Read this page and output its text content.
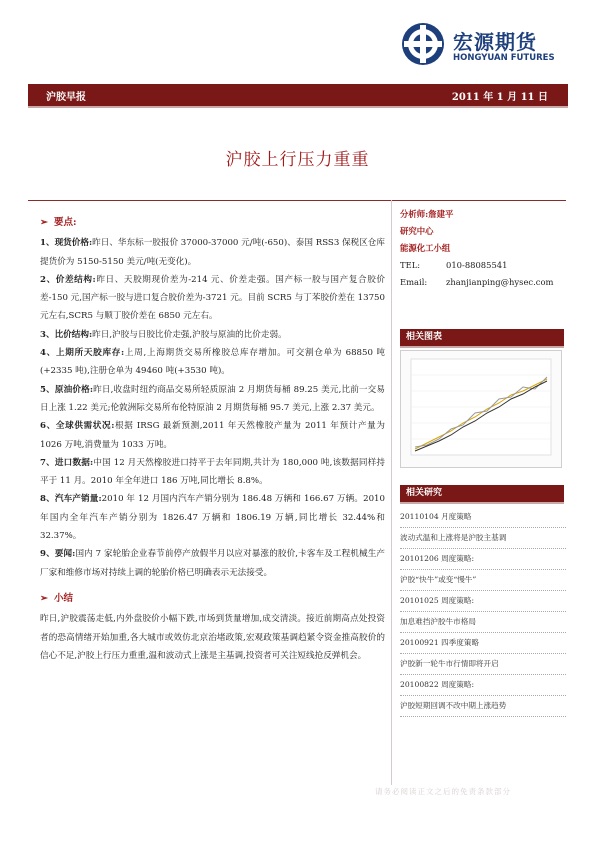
宏源期货
HONGYUAN FUTURES
沪胶早报	2011 年 1 月 11 日
沪胶上行压力重重
➢ 要点:

1、现货价格:昨日、华东标一胶报价 37000-37000 元/吨(-650)、泰国 RSS3 保税区仓库提货价为 5150-5150 美元/吨(无变化)。

2、价差结构:昨日、天胶期现价差为-214 元、价差走强。国产标一胶与国产复合胶价差-150 元,国产标一胶与进口复合胶价差为-3721 元。目前 SCR5 与丁苯胶价差在 13750 元左右,SCR5 与顺丁胶价差在 6850 元左右。

3、比价结构:昨日,沪胶与日胶比价走强,沪胶与原油的比价走弱。

4、上期所天胶库存:上周,上海期货交易所橡胶总库存增加。可交割仓单为 68850 吨(+2335 吨),注册仓单为 49460 吨(+3530 吨)。

5、原油价格:昨日,收盘时纽约商品交易所轻质原油 2 月期货每桶 89.25 美元,比前一交易日上涨 1.22 美元;伦敦洲际交易所布伦特原油 2 月期货每桶 95.7 美元,上涨 2.37 美元。

6、全球供需状况:根据 IRSG 最新预测,2011 年天然橡胶产量为 2011 年预计产量为 1026 万吨,消费量为 1033 万吨。

7、进口数据:中国 12 月天然橡胶进口持平于去年同期,共计为 180,000 吨,该数据同样持平于 11 月。2010 年全年进口 186 万吨,同比增长 8.8%。

8、汽车产销量:2010 年 12 月国内汽车产销分别为 186.48 万辆和 166.67 万辆。2010 年国内全年汽车产销分别为 1826.47 万辆和 1806.19 万辆,同比增长 32.44%和 32.37%。

9、要闻:国内 7 家轮胎企业春节前停产放假半月以应对暴涨的胶价,卡客车及工程机械生产厂家和维修市场对持续上调的轮胎价格已明确表示无法接受。

➢ 小结

昨日,沪胶震荡走低,内外盘胶价小幅下跌,市场到货量增加,成交清淡。接近前期高点处投资者的恐高情绪开始加重,各大城市或效仿北京治堵政策,宏观政策基调趋紧令资金推高胶价的信心不足,沪胶上行压力重重,温和波动式上涨是主基调,投资者可关注短线抢反弹机会。

分析师:詹建平
研究中心
能源化工小组
TEL:	010-88085541
Email: zhanjianping@hysec.com
相关图表
相关研究
20110104 月度策略
波动式温和上涨将是沪胶主基调
20101206 周度策略:
沪胶“快牛”或变“慢牛”
20101025 周度策略:
加息难挡沪胶牛市格局
20100921 四季度策略
沪胶新一轮牛市行情即将开启
20100822 周度策略:
沪胶短期回调不改中期上涨趋势
请务必阅读正文之后的免责条款部分
